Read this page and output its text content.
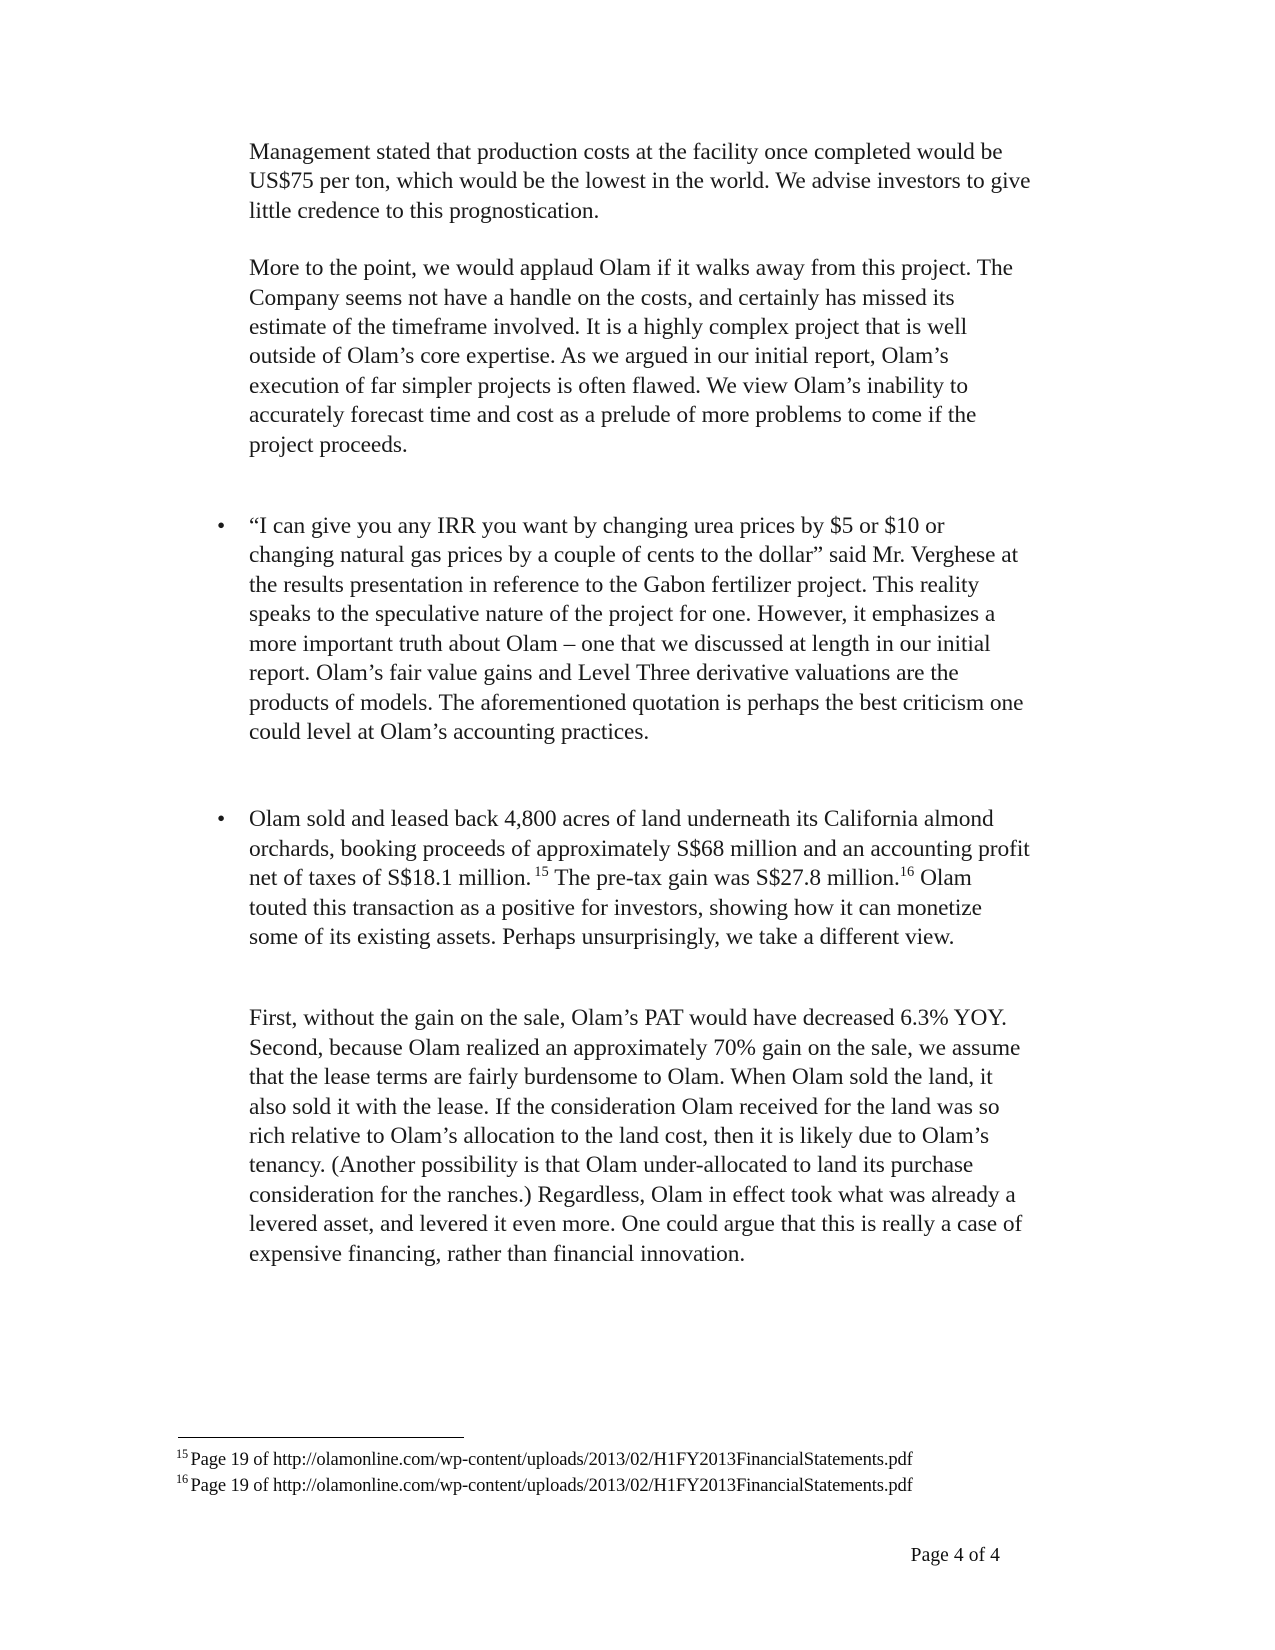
Management stated that production costs at the facility once completed would be US$75 per ton, which would be the lowest in the world. We advise investors to give little credence to this prognostication.

More to the point, we would applaud Olam if it walks away from this project. The Company seems not have a handle on the costs, and certainly has missed its estimate of the timeframe involved. It is a highly complex project that is well outside of Olam’s core expertise. As we argued in our initial report, Olam’s execution of far simpler projects is often flawed. We view Olam’s inability to accurately forecast time and cost as a prelude of more problems to come if the project proceeds.

• “I can give you any IRR you want by changing urea prices by $5 or $10 or changing natural gas prices by a couple of cents to the dollar” said Mr. Verghese at the results presentation in reference to the Gabon fertilizer project. This reality speaks to the speculative nature of the project for one. However, it emphasizes a more important truth about Olam – one that we discussed at length in our initial report. Olam’s fair value gains and Level Three derivative valuations are the products of models. The aforementioned quotation is perhaps the best criticism one could level at Olam’s accounting practices.

• Olam sold and leased back 4,800 acres of land underneath its California almond orchards, booking proceeds of approximately S$68 million and an accounting profit net of taxes of S$18.1 million. $^{15}$ The pre-tax gain was S$27.8 million.$^{16}$ Olam touted this transaction as a positive for investors, showing how it can monetize some of its existing assets. Perhaps unsurprisingly, we take a different view.

First, without the gain on the sale, Olam’s PAT would have decreased 6.3% YOY. Second, because Olam realized an approximately 70% gain on the sale, we assume that the lease terms are fairly burdensome to Olam. When Olam sold the land, it also sold it with the lease. If the consideration Olam received for the land was so rich relative to Olam’s allocation to the land cost, then it is likely due to Olam’s tenancy. (Another possibility is that Olam under-allocated to land its purchase consideration for the ranches.) Regardless, Olam in effect took what was already a levered asset, and levered it even more. One could argue that this is really a case of expensive financing, rather than financial innovation.

$^{15}$ Page 19 of http://olamonline.com/wp-content/uploads/2013/02/H1FY2013FinancialStatements.pdf
$^{16}$ Page 19 of http://olamonline.com/wp-content/uploads/2013/02/H1FY2013FinancialStatements.pdf
Page 4 of 4
